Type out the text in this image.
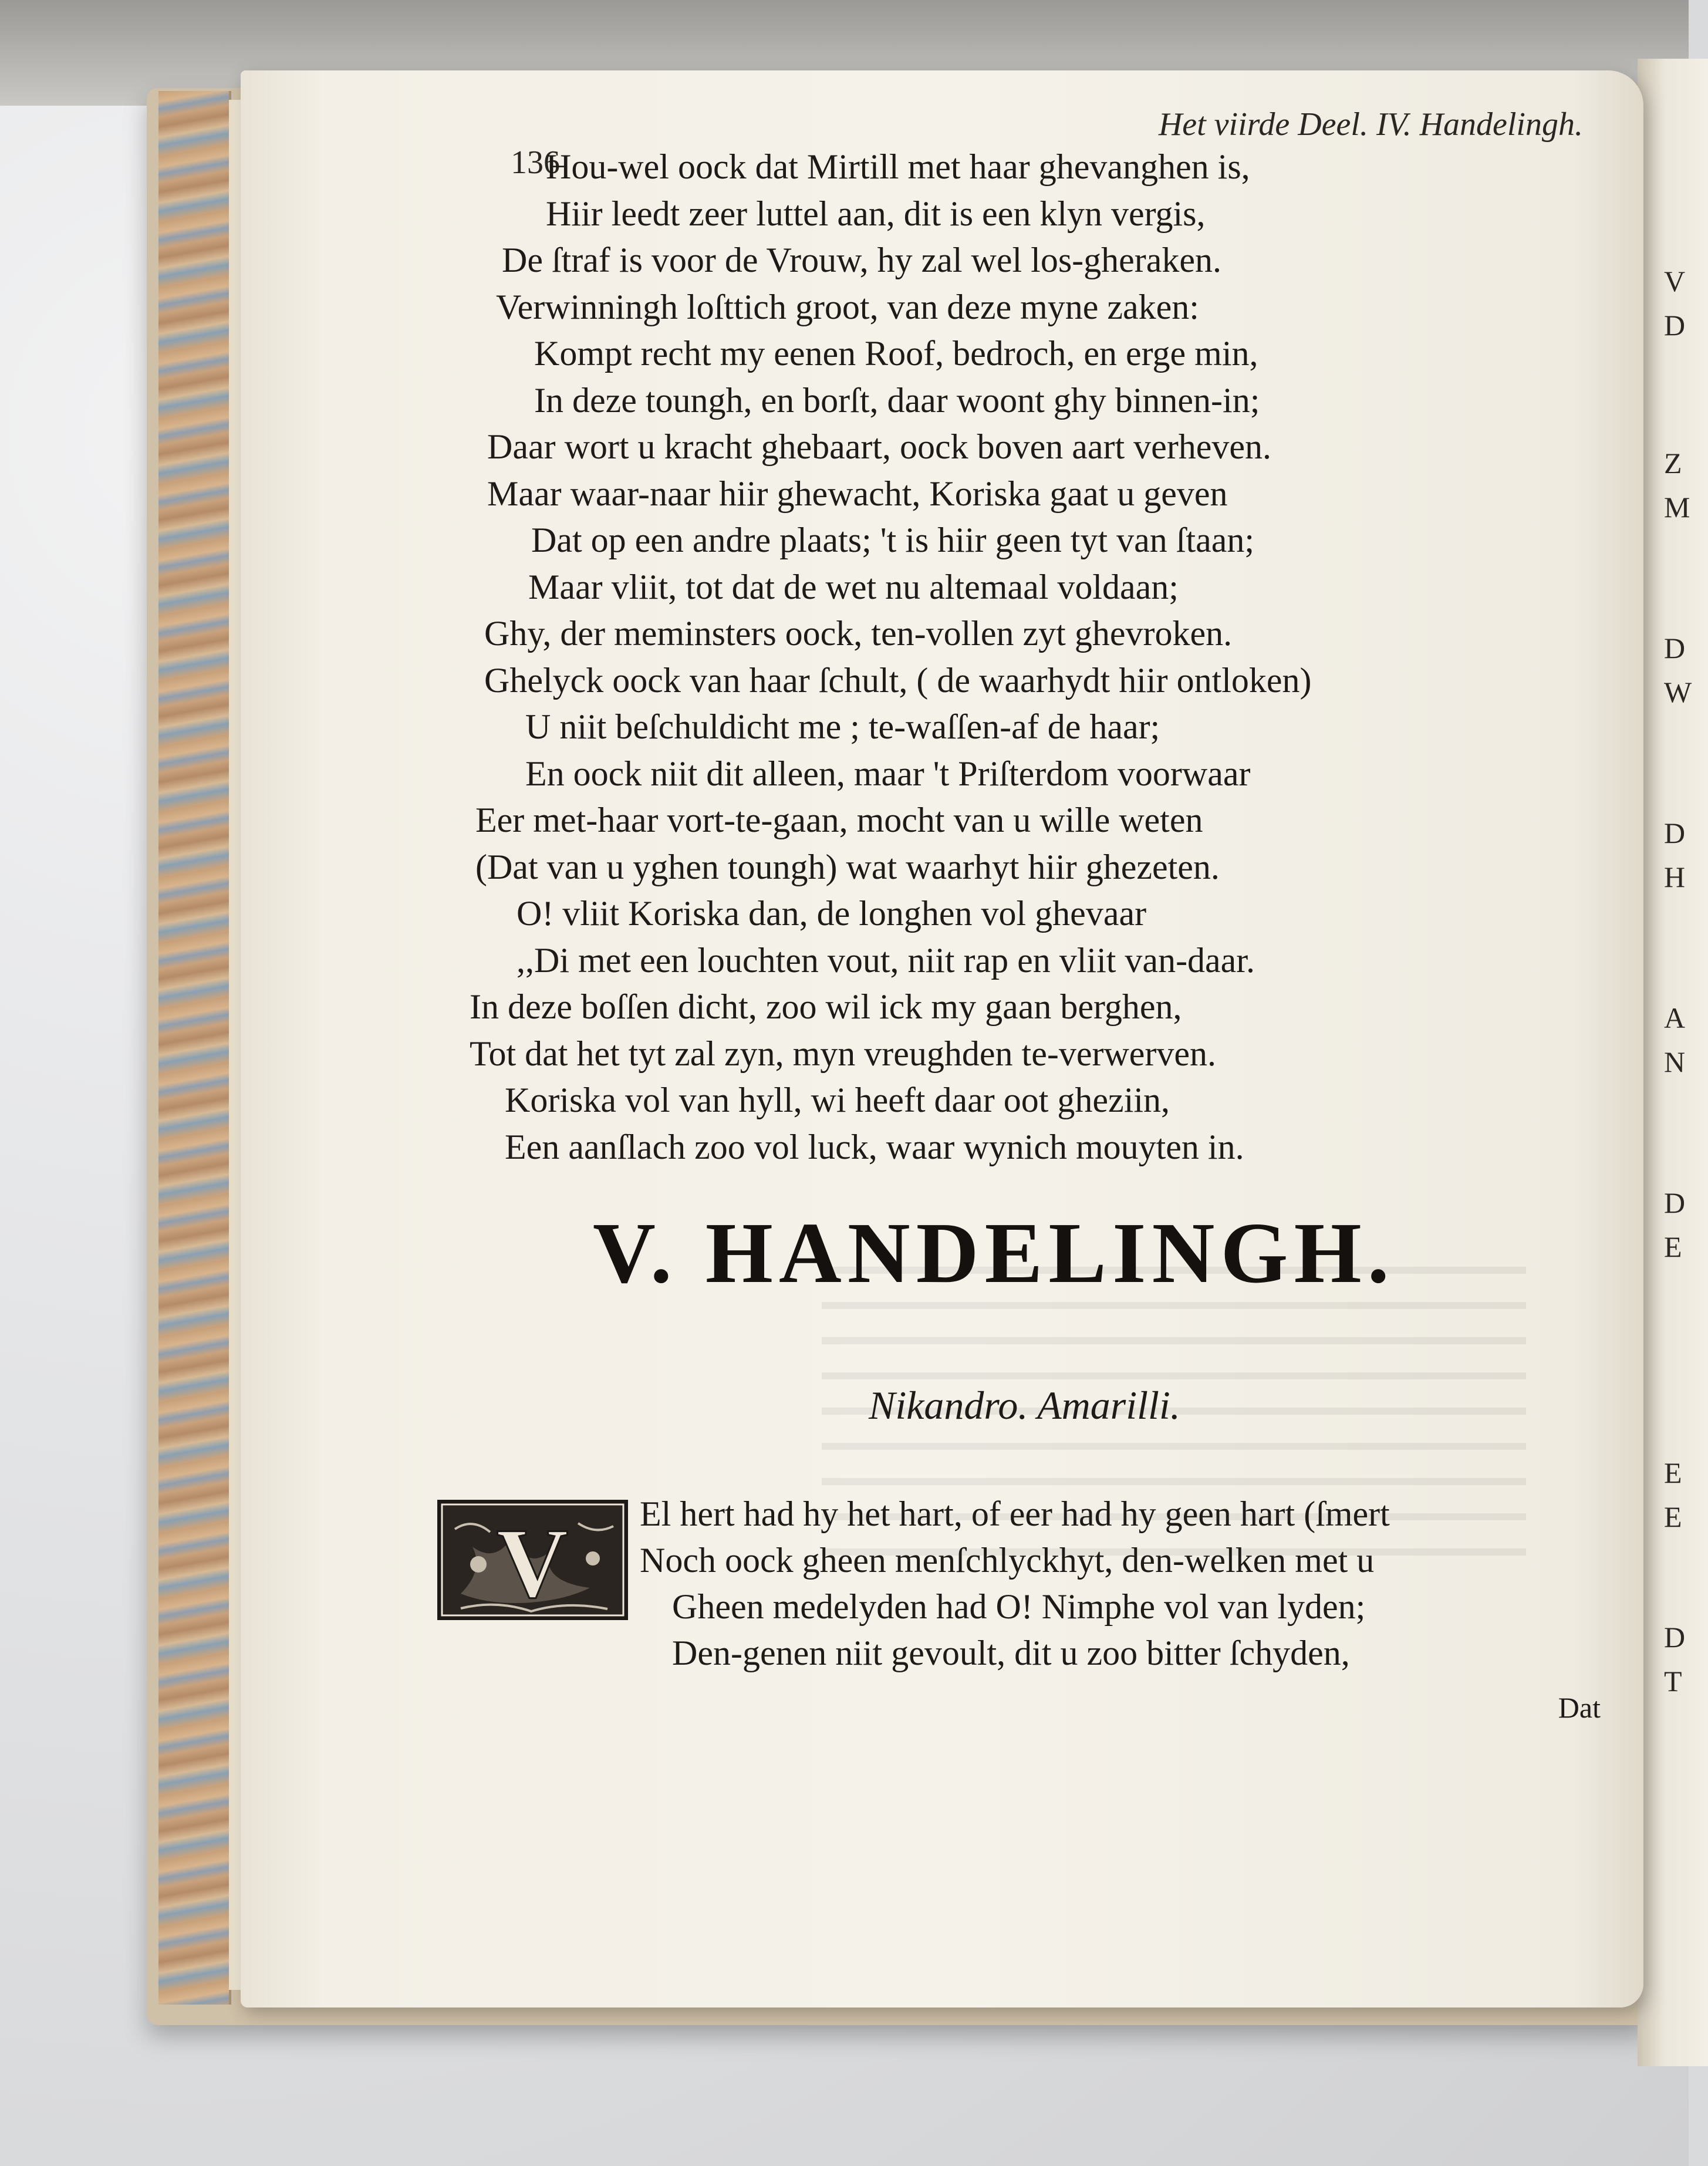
136
Het viirde Deel. IV. Handelingh.
Hou-wel oock dat Mirtill met haar ghevanghen is,
Hiir leedt zeer luttel aan, dit is een klyn vergis,
De ſtraf is voor de Vrouw, hy zal wel los-gheraken.
Verwinningh loſttich groot, van deze myne zaken:
Kompt recht my eenen Roof, bedroch, en erge min,
In deze toungh, en borſt, daar woont ghy binnen-in;
Daar wort u kracht ghebaart, oock boven aart verheven.
Maar waar-naar hiir ghewacht, Koriska gaat u geven
Dat op een andre plaats; 't is hiir geen tyt van ſtaan;
Maar vliit, tot dat de wet nu altemaal voldaan;
Ghy, der meminsters oock, ten-vollen zyt ghevroken.
Ghelyck oock van haar ſchult, ( de waarhydt hiir ontloken)
U niit beſchuldicht me ; te-waſſen-af de haar;
En oock niit dit alleen, maar 't Priſterdom voorwaar
Eer met-haar vort-te-gaan, mocht van u wille weten
(Dat van u yghen toungh) wat waarhyt hiir ghezeten.
O! vliit Koriska dan, de longhen vol ghevaar
,,Di met een louchten vout, niit rap en vliit van-daar.
In deze boſſen dicht, zoo wil ick my gaan berghen,
Tot dat het tyt zal zyn, myn vreughden te-verwerven.
Koriska vol van hyll, wi heeft daar oot gheziin,
Een aanſlach zoo vol luck, waar wynich mouyten in.
V. HANDELINGH.
Nikandro. Amarilli.
V El hert had hy het hart, of eer had hy geen hart (ſmert
Noch oock gheen menſchlyckhyt, den-welken met u
Gheen medelyden had O! Nimphe vol van lyden;
Den-genen niit gevoult, dit u zoo bitter ſchyden,
Dat
V
D
Z
M
D
W
D
H
A
N
D
E
E
E
D
T
